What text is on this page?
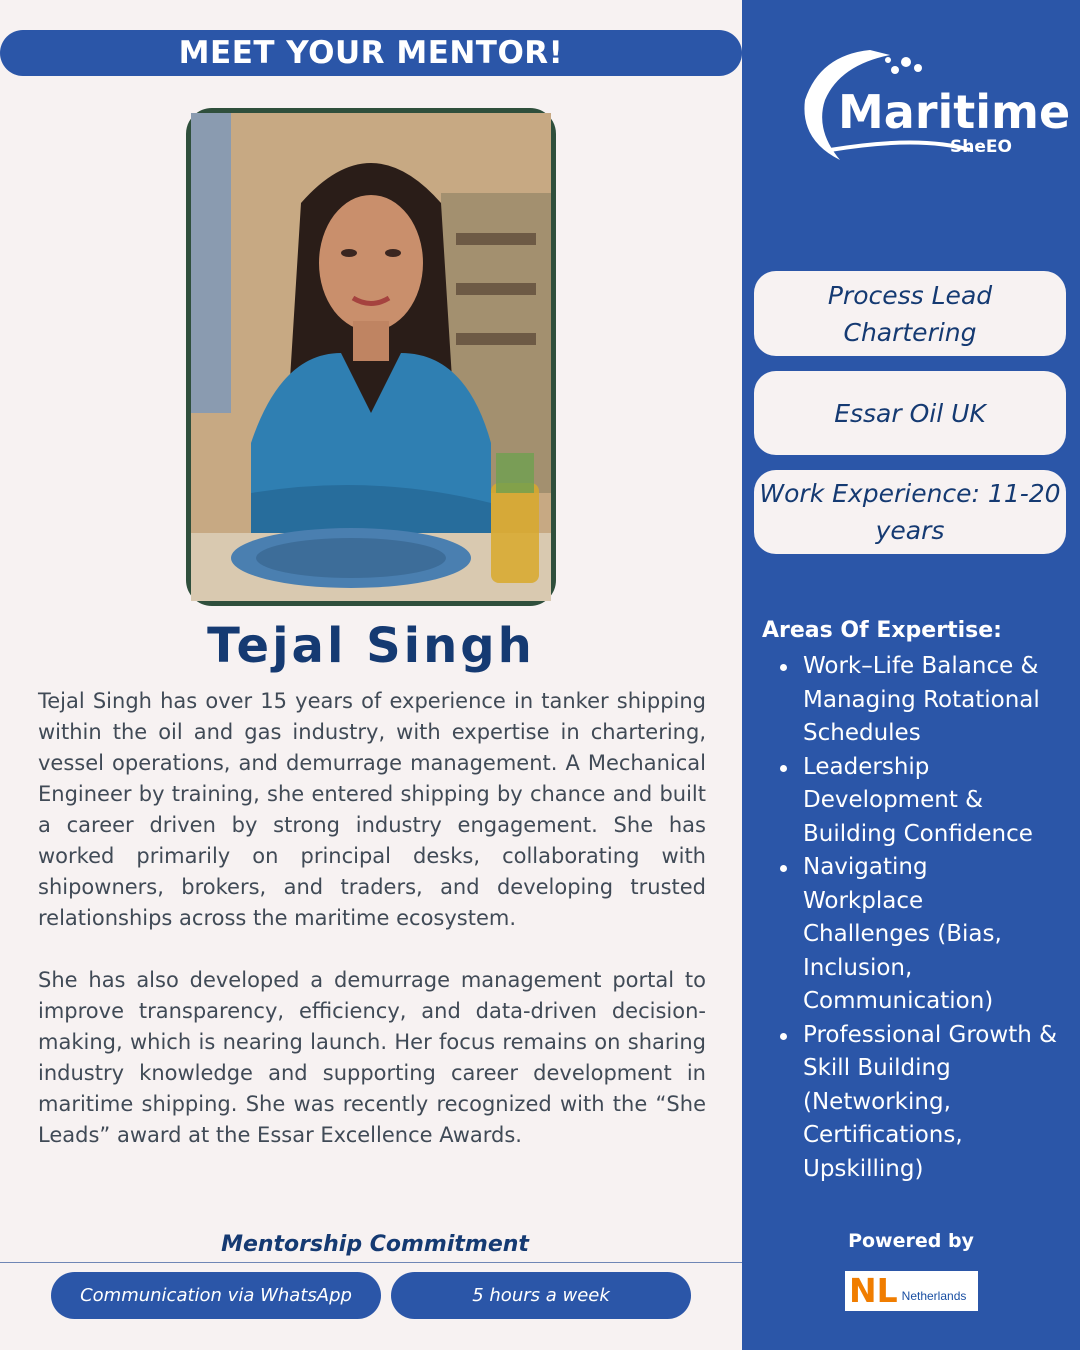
MEET YOUR MENTOR!
Tejal Singh

Tejal Singh has over 15 years of experience in tanker shipping within the oil and gas industry, with expertise in chartering, vessel operations, and demurrage management. A Mechanical Engineer by training, she entered shipping by chance and built a career driven by strong industry engagement. She has worked primarily on principal desks, collaborating with shipowners, brokers, and traders, and developing trusted relationships across the maritime ecosystem.

She has also developed a demurrage management portal to improve transparency, efficiency, and data-driven decision-making, which is nearing launch. Her focus remains on sharing industry knowledge and supporting career development in maritime shipping. She was recently recognized with the “She Leads” award at the Essar Excellence Awards.

Mentorship Commitment
Communication via WhatsApp	5 hours a week
Maritime
SheEO
Process Lead Chartering
Essar Oil UK
Work Experience: 11-20 years
Areas Of Expertise:
Work–Life Balance & Managing Rotational Schedules
Leadership Development & Building Confidence
Navigating Workplace Challenges (Bias, Inclusion, Communication)
Professional Growth & Skill Building (Networking, Certifications, Upskilling)
Powered by
NL Netherlands
